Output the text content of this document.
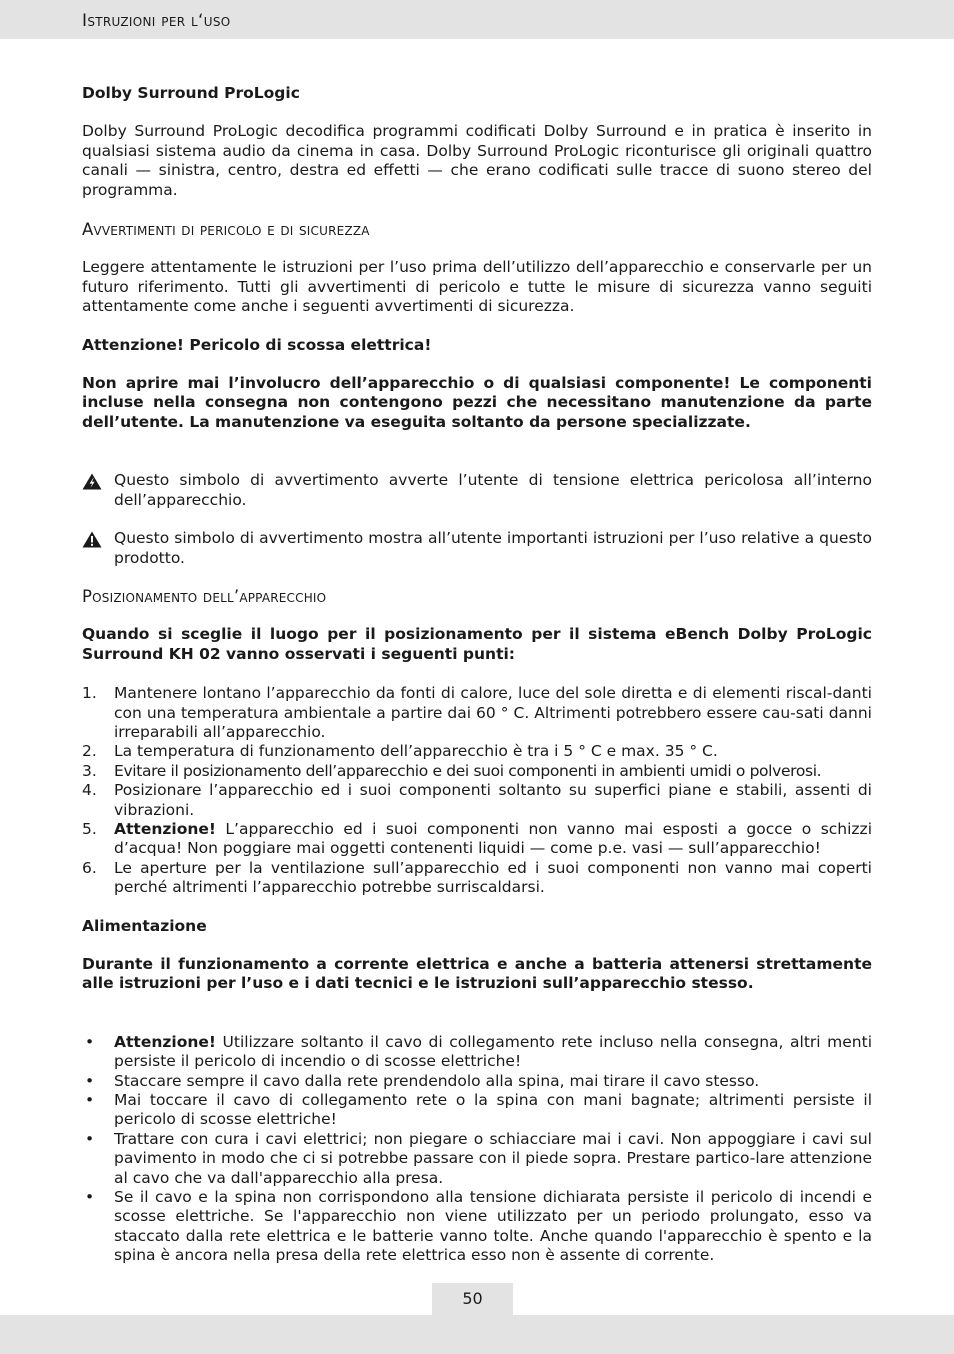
Istruzioni per l‘uso

Dolby Surround ProLogic

Dolby Surround ProLogic decodifica programmi codificati Dolby Surround e in pratica è inserito in qualsiasi sistema audio da cinema in casa. Dolby Surround ProLogic riconturisce gli originali quattro canali — sinistra, centro, destra ed effetti — che erano codificati sulle tracce di suono stereo del programma.

Avvertimenti di pericolo e di sicurezza

Leggere attentamente le istruzioni per l’uso prima dell’utilizzo dell’apparecchio e conservarle per un futuro riferimento. Tutti gli avvertimenti di pericolo e tutte le misure di sicurezza vanno seguiti attentamente come anche i seguenti avvertimenti di sicurezza.

Attenzione! Pericolo di scossa elettrica!

Non aprire mai l’involucro dell’apparecchio o di qualsiasi componente! Le componenti incluse nella consegna non contengono pezzi che necessitano manutenzione da parte dell’utente. La manutenzione va eseguita soltanto da persone specializzate.

Questo simbolo di avvertimento avverte l’utente di tensione elettrica pericolosa all’interno dell’apparecchio.
Questo simbolo di avvertimento mostra all’utente importanti istruzioni per l’uso relative a questo prodotto.

Posizionamento dell’apparecchio

Quando si sceglie il luogo per il posizionamento per il sistema eBench Dolby ProLogic Surround KH 02 vanno osservati i seguenti punti:

1.	Mantenere lontano l’apparecchio da fonti di calore, luce del sole diretta e di elementi riscal-danti con una temperatura ambientale a partire dai 60 ° C. Altrimenti potrebbero essere cau-sati danni irreparabili all’apparecchio.
2.	La temperatura di funzionamento dell’apparecchio è tra i 5 ° C e max. 35 ° C.
3.	Evitare il posizionamento dell’apparecchio e dei suoi componenti in ambienti umidi o polverosi.
4.	Posizionare l’apparecchio ed i suoi componenti soltanto su superfici piane e stabili, assenti di vibrazioni.
5.	Attenzione! L’apparecchio ed i suoi componenti non vanno mai esposti a gocce o schizzi d’acqua! Non poggiare mai oggetti contenenti liquidi — come p.e. vasi — sull’apparecchio!
6.	Le aperture per la ventilazione sull’apparecchio ed i suoi componenti non vanno mai coperti perché altrimenti l’apparecchio potrebbe surriscaldarsi.

Alimentazione

Durante il funzionamento a corrente elettrica e anche a batteria attenersi strettamente alle istruzioni per l’uso e i dati tecnici e le istruzioni sull’apparecchio stesso.

•	Attenzione! Utilizzare soltanto il cavo di collegamento rete incluso nella consegna, altri menti persiste il pericolo di incendio o di scosse elettriche!
•	Staccare sempre il cavo dalla rete prendendolo alla spina, mai tirare il cavo stesso.
•	Mai toccare il cavo di collegamento rete o la spina con mani bagnate; altrimenti persiste il pericolo di scosse elettriche!
•	Trattare con cura i cavi elettrici; non piegare o schiacciare mai i cavi. Non appoggiare i cavi sul pavimento in modo che ci si potrebbe passare con il piede sopra. Prestare partico-lare attenzione al cavo che va dall'apparecchio alla presa.
•	Se il cavo e la spina non corrispondono alla tensione dichiarata persiste il pericolo di incendi e scosse elettriche. Se l'apparecchio non viene utilizzato per un periodo prolungato, esso va staccato dalla rete elettrica e le batterie vanno tolte. Anche quando l'apparecchio è spento e la spina è ancora nella presa della rete elettrica esso non è assente di corrente.
50
